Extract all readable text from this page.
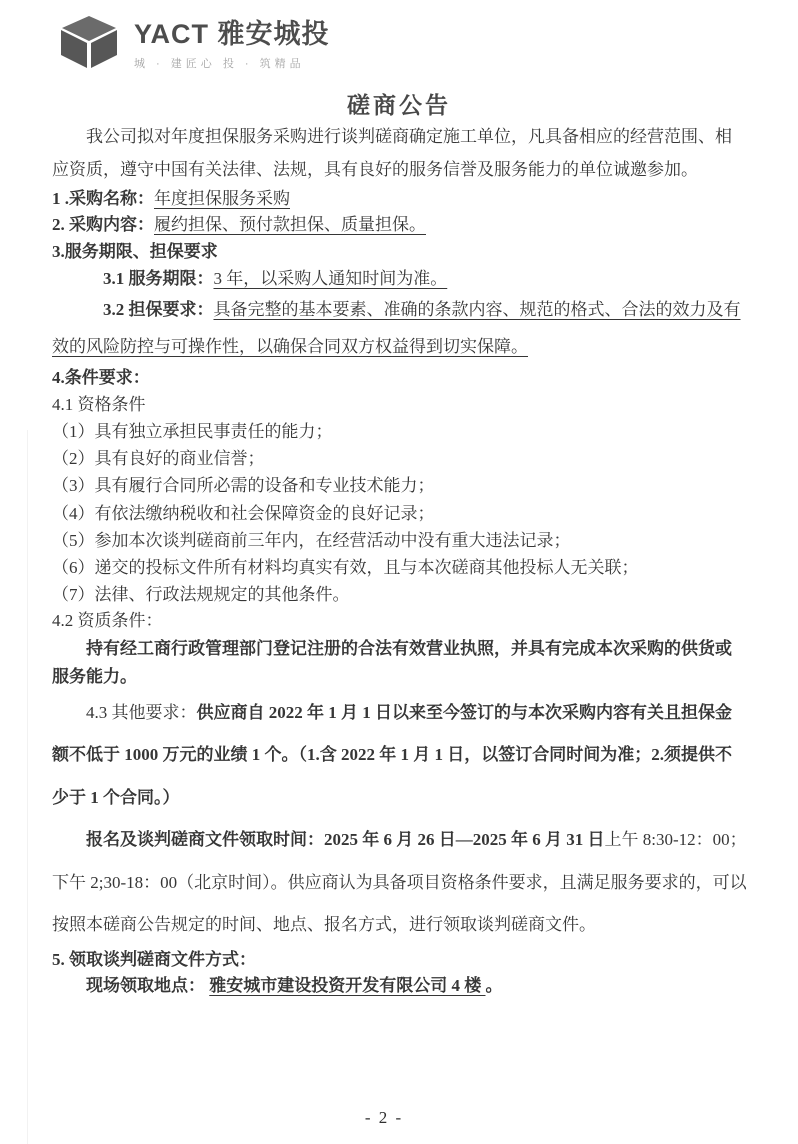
YACT 雅安城投
城 · 建匠心 投 · 筑精品
磋商公告

我公司拟对年度担保服务采购进行谈判磋商确定施工单位，凡具备相应的经营范围、相应资质，遵守中国有关法律、法规，具有良好的服务信誉及服务能力的单位诚邀参加。

1 .采购名称：年度担保服务采购

2. 采购内容：履约担保、预付款担保、质量担保。

3.服务期限、担保要求

3.1 服务期限：3 年，以采购人通知时间为准。

3.2 担保要求：具备完整的基本要素、准确的条款内容、规范的格式、合法的效力及有效的风险防控与可操作性，以确保合同双方权益得到切实保障。

4.条件要求：

4.1 资格条件

（1）具有独立承担民事责任的能力；

（2）具有良好的商业信誉；

（3）具有履行合同所必需的设备和专业技术能力；

（4）有依法缴纳税收和社会保障资金的良好记录；

（5）参加本次谈判磋商前三年内，在经营活动中没有重大违法记录；

（6）递交的投标文件所有材料均真实有效，且与本次磋商其他投标人无关联；

（7）法律、行政法规规定的其他条件。

4.2 资质条件：

持有经工商行政管理部门登记注册的合法有效营业执照，并具有完成本次采购的供货或服务能力。

4.3 其他要求：供应商自 2022 年 1 月 1 日以来至今签订的与本次采购内容有关且担保金额不低于 1000 万元的业绩 1 个。（1.含 2022 年 1 月 1 日，以签订合同时间为准；2.须提供不少于 1 个合同。）

报名及谈判磋商文件领取时间：2025 年 6 月 26 日—2025 年 6 月 31 日上午 8:30-12：00；下午 2;30-18：00（北京时间）。供应商认为具备项目资格条件要求，且满足服务要求的，可以按照本磋商公告规定的时间、地点、报名方式，进行领取谈判磋商文件。

5. 领取谈判磋商文件方式：

现场领取地点： 雅安城市建设投资开发有限公司 4 楼 。

- 2 -
